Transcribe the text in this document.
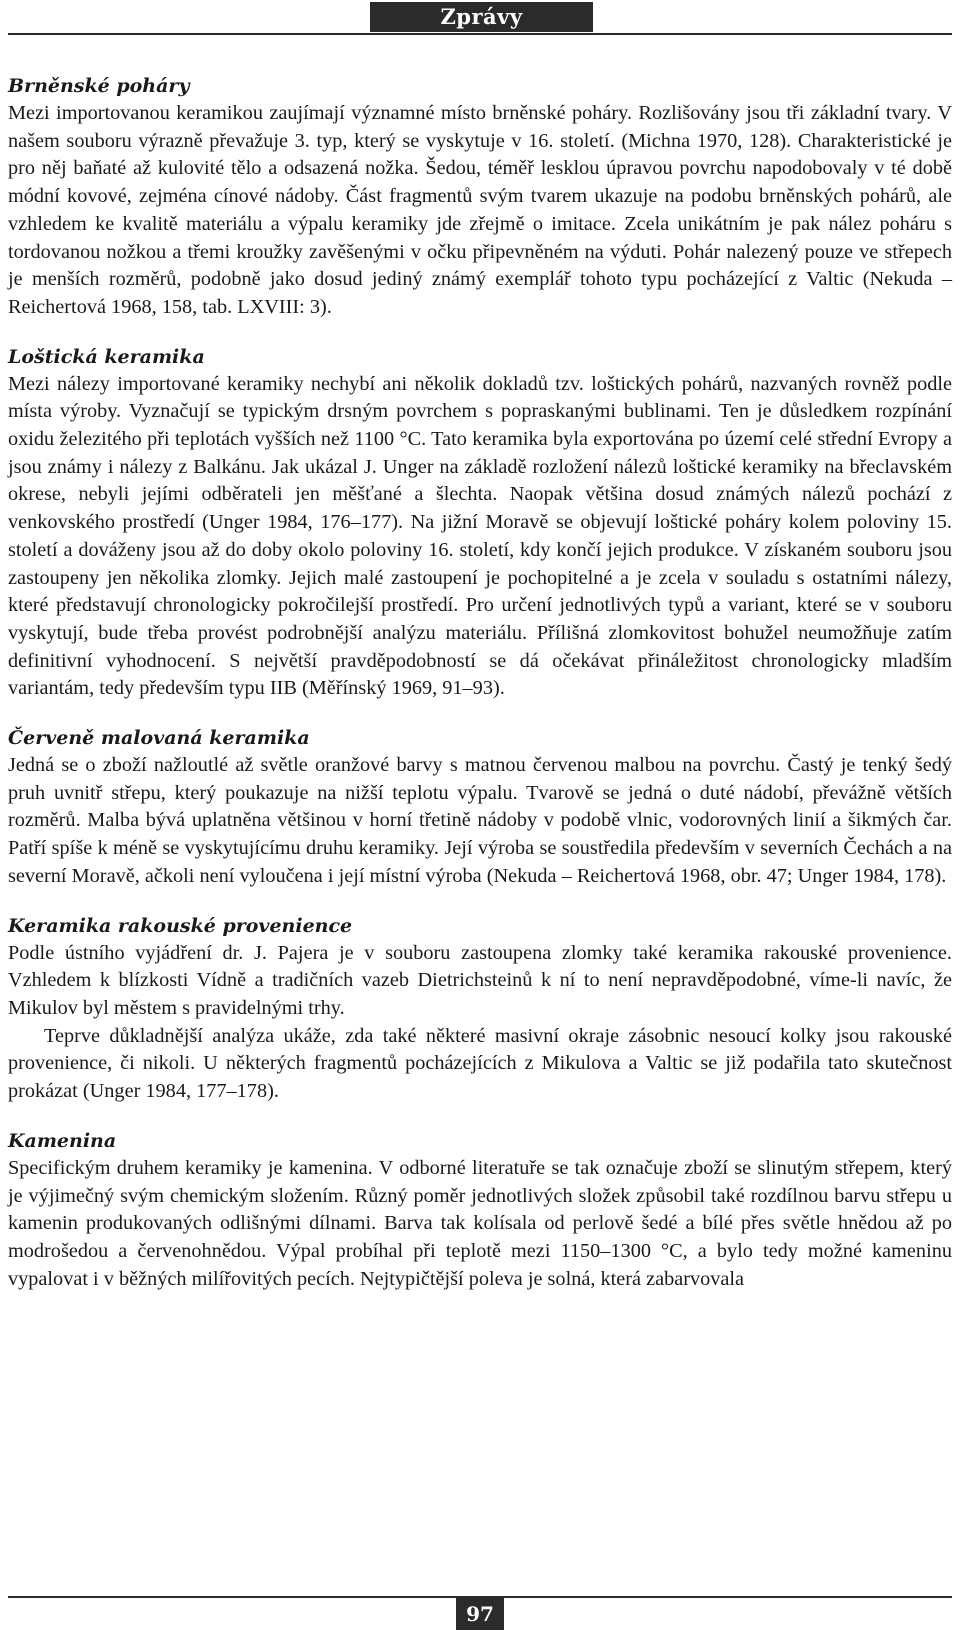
Zprávy
Brněnské poháry

Mezi importovanou keramikou zaujímají významné místo brněnské poháry. Rozlišovány jsou tři základní tvary. V našem souboru výrazně převažuje 3. typ, který se vyskytuje v 16. století. (Michna 1970, 128). Charakteristické je pro něj baňaté až kulovité tělo a odsazená nožka. Šedou, téměř lesklou úpravou povrchu napodobovaly v té době módní kovové, zejména cínové nádoby. Část fragmentů svým tvarem ukazuje na podobu brněnských pohárů, ale vzhledem ke kvalitě materiálu a výpalu keramiky jde zřejmě o imitace. Zcela unikátním je pak nález poháru s tordovanou nožkou a třemi kroužky zavěšenými v očku připevněném na výduti. Pohár nalezený pouze ve střepech je menších rozměrů, podobně jako dosud jediný známý exemplář tohoto typu pocházející z Valtic (Nekuda – Reichertová 1968, 158, tab. LXVIII: 3).

Loštická keramika

Mezi nálezy importované keramiky nechybí ani několik dokladů tzv. loštických pohárů, nazvaných rovněž podle místa výroby. Vyznačují se typickým drsným povrchem s popraskanými bublinami. Ten je důsledkem rozpínání oxidu železitého při teplotách vyšších než 1100 °C. Tato keramika byla exportována po území celé střední Evropy a jsou známy i nálezy z Balkánu. Jak ukázal J. Unger na základě rozložení nálezů loštické keramiky na břeclavském okrese, nebyli jejími odběrateli jen měšťané a šlechta. Naopak většina dosud známých nálezů pochází z venkovského prostředí (Unger 1984, 176–177). Na jižní Moravě se objevují loštické poháry kolem poloviny 15. století a dováženy jsou až do doby okolo poloviny 16. století, kdy končí jejich produkce. V získaném souboru jsou zastoupeny jen několika zlomky. Jejich malé zastoupení je pochopitelné a je zcela v souladu s ostatními nálezy, které představují chronologicky pokročilejší prostředí. Pro určení jednotlivých typů a variant, které se v souboru vyskytují, bude třeba provést podrobnější analýzu materiálu. Přílišná zlomkovitost bohužel neumožňuje zatím definitivní vyhodnocení. S největší pravděpodobností se dá očekávat přináležitost chronologicky mladším variantám, tedy především typu IIB (Měřínský 1969, 91–93).

Červeně malovaná keramika

Jedná se o zboží nažloutlé až světle oranžové barvy s matnou červenou malbou na povrchu. Častý je tenký šedý pruh uvnitř střepu, který poukazuje na nižší teplotu výpalu. Tvarově se jedná o duté nádobí, převážně větších rozměrů. Malba bývá uplatněna většinou v horní třetině nádoby v podobě vlnic, vodorovných linií a šikmých čar. Patří spíše k méně se vyskytujícímu druhu keramiky. Její výroba se soustředila především v severních Čechách a na severní Moravě, ačkoli není vyloučena i její místní výroba (Nekuda – Reichertová 1968, obr. 47; Unger 1984, 178).

Keramika rakouské provenience

Podle ústního vyjádření dr. J. Pajera je v souboru zastoupena zlomky také keramika rakouské provenience. Vzhledem k blízkosti Vídně a tradičních vazeb Dietrichsteinů k ní to není nepravděpodobné, víme-li navíc, že Mikulov byl městem s pravidelnými trhy.

Teprve důkladnější analýza ukáže, zda také některé masivní okraje zásobnic nesoucí kolky jsou rakouské provenience, či nikoli. U některých fragmentů pocházejících z Mikulova a Valtic se již podařila tato skutečnost prokázat (Unger 1984, 177–178).

Kamenina

Specifickým druhem keramiky je kamenina. V odborné literatuře se tak označuje zboží se slinutým střepem, který je výjimečný svým chemickým složením. Různý poměr jednotlivých složek způsobil také rozdílnou barvu střepu u kamenin produkovaných odlišnými dílnami. Barva tak kolísala od perlově šedé a bílé přes světle hnědou až po modrošedou a červenohnědou. Výpal probíhal při teplotě mezi 1150–1300 °C, a bylo tedy možné kameninu vypalovat i v běžných milířovitých pecích. Nejtypičtější poleva je solná, která zabarvovala

97
